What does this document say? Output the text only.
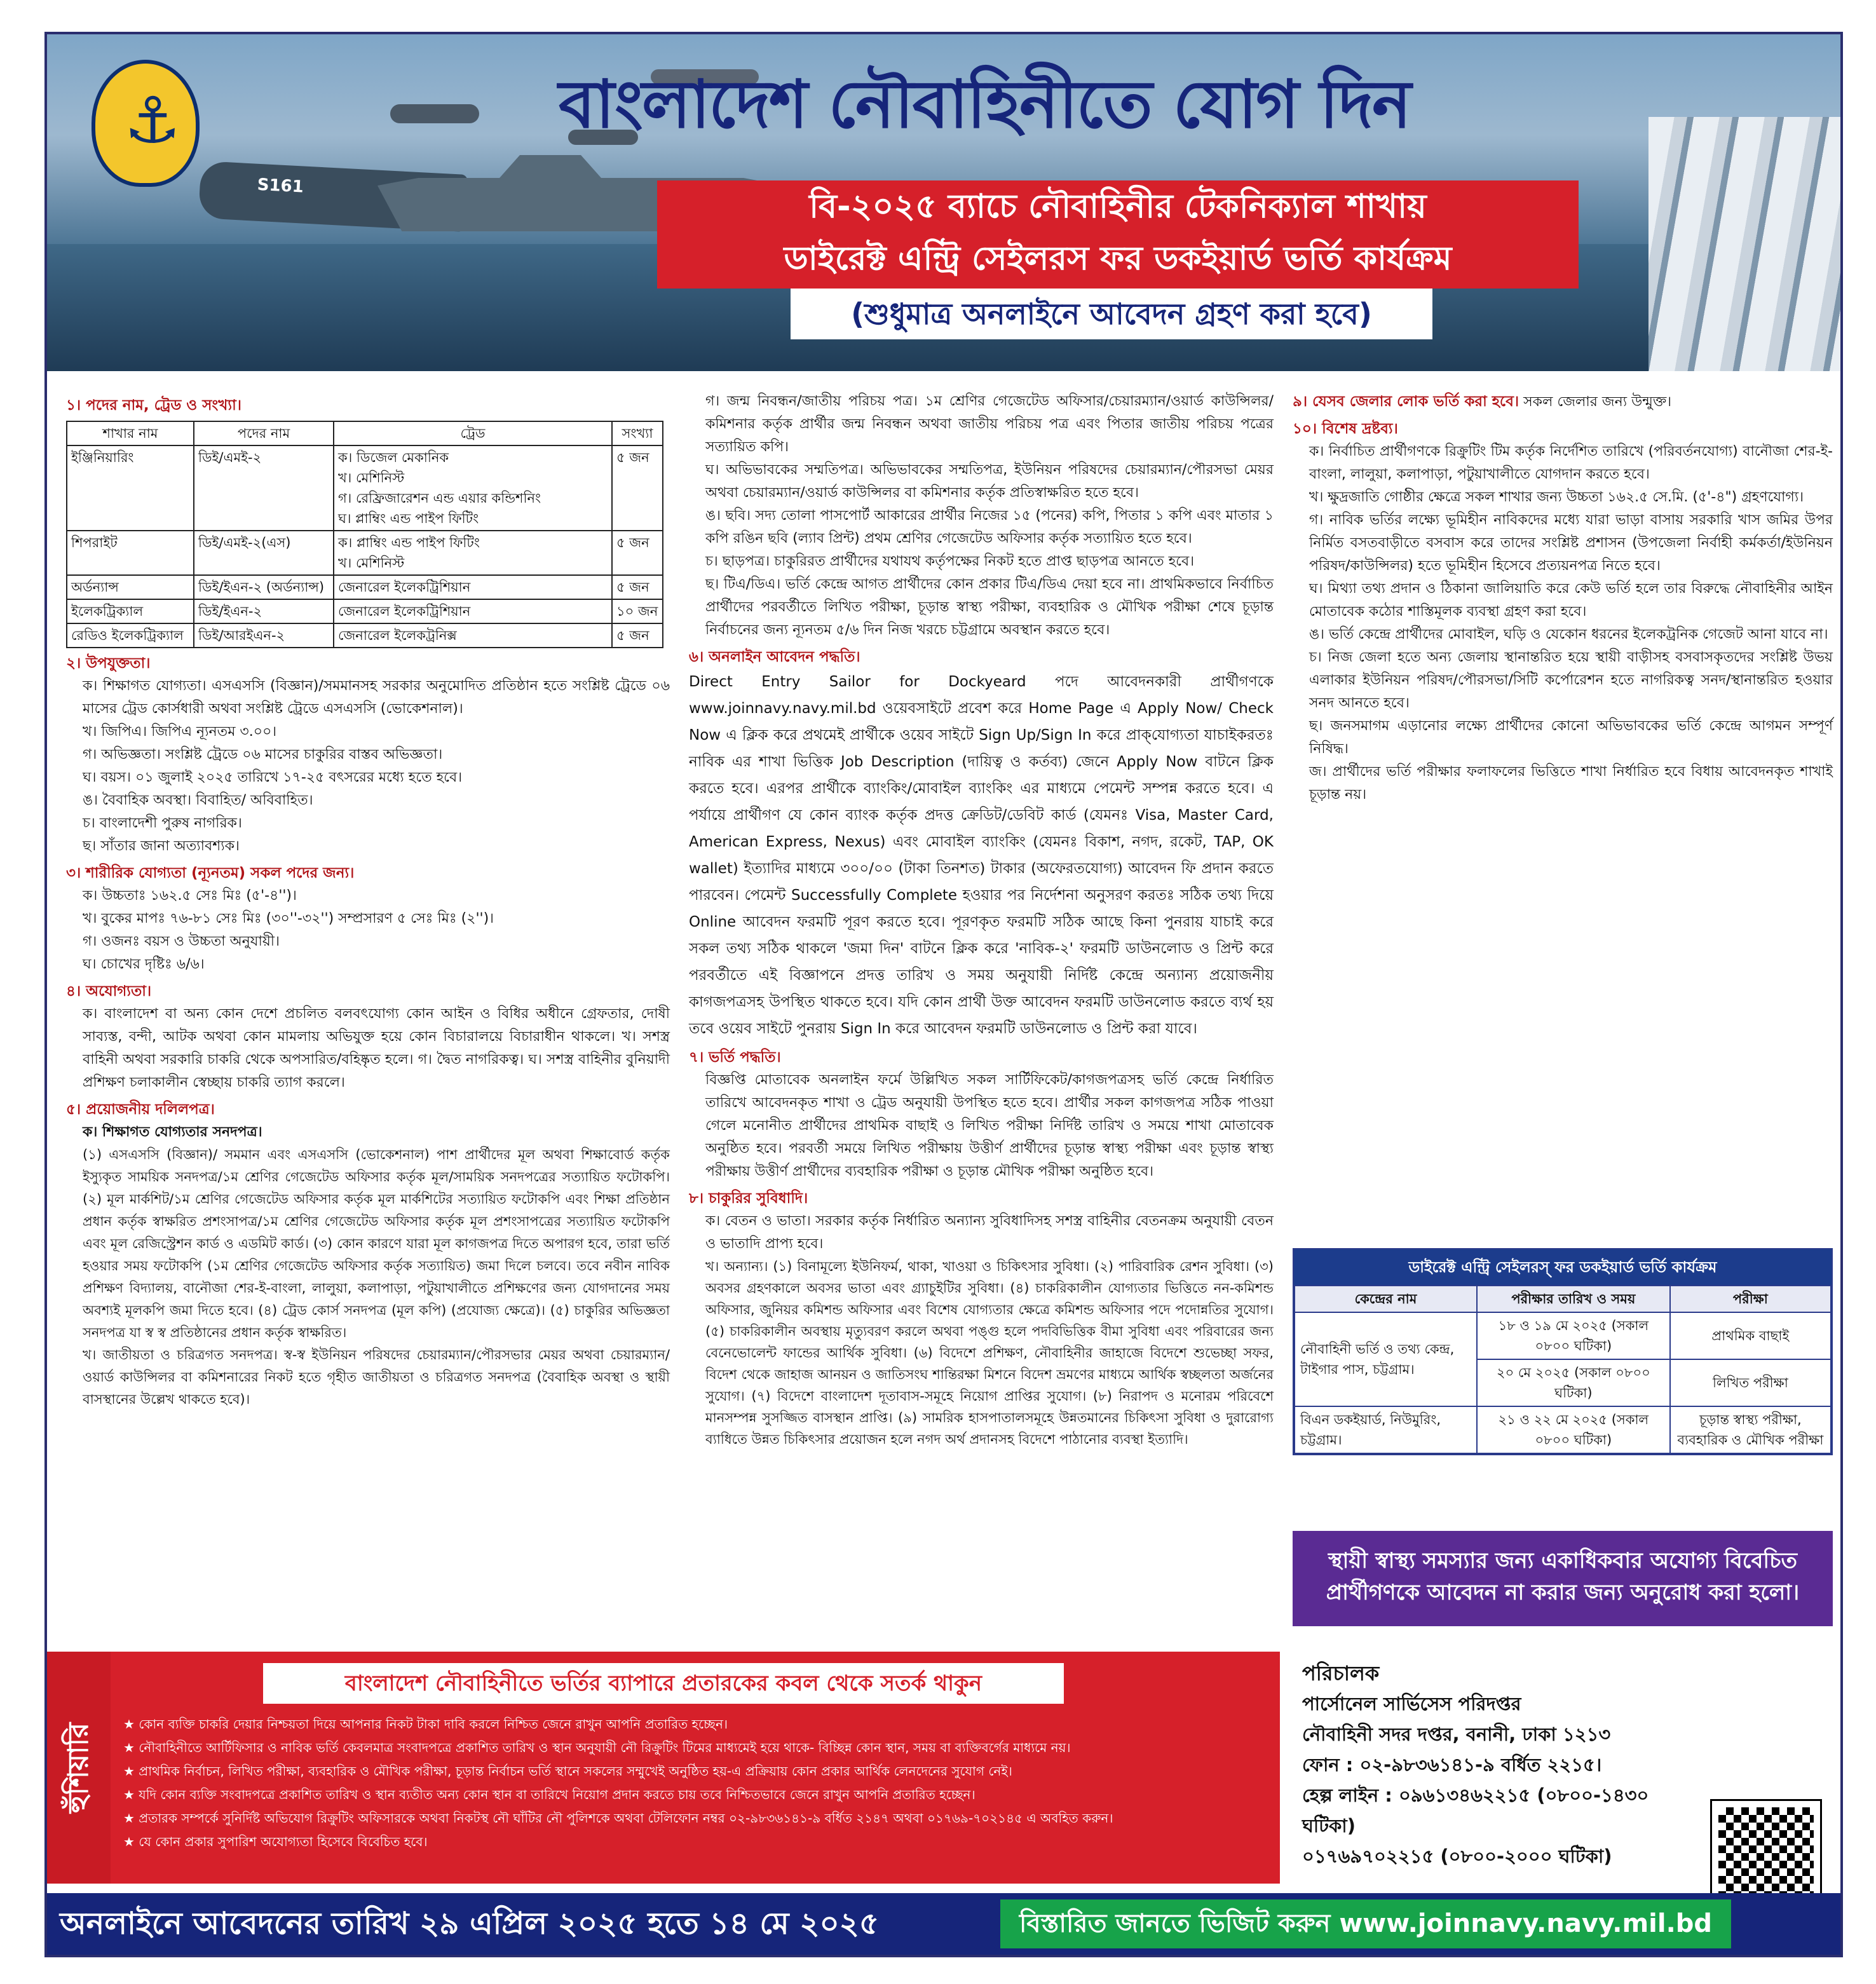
⚓
S161
বাংলাদেশ নৌবাহিনীতে যোগ দিন
বি-২০২৫ ব্যাচে নৌবাহিনীর টেকনিক্যাল শাখায়
ডাইরেক্ট এন্ট্রি সেইলরস ফর ডকইয়ার্ড ভর্তি কার্যক্রম
(শুধুমাত্র অনলাইনে আবেদন গ্রহণ করা হবে)
১। পদের নাম, ট্রেড ও সংখ্যা।
শাখার নাম	পদের নাম	ট্রেড	সংখ্যা
ইঞ্জিনিয়ারিং	ডিই/এমই-২	ক। ডিজেল মেকানিক
খ। মেশিনিস্ট
গ। রেফ্রিজারেশন এন্ড এয়ার কন্ডিশনিং
ঘ। প্লাম্বিং এন্ড পাইপ ফিটিং	৫ জন
শিপরাইট	ডিই/এমই-২(এস)	ক। প্লাম্বিং এন্ড পাইপ ফিটিং
খ। মেশিনিস্ট	৫ জন
অর্ডন্যান্স	ডিই/ইএন-২ (অর্ডন্যান্স)	জেনারেল ইলেকট্রিশিয়ান	৫ জন
ইলেকট্রিক্যাল	ডিই/ইএন-২	জেনারেল ইলেকট্রিশিয়ান	১০ জন
রেডিও ইলেকট্রিক্যাল	ডিই/আরইএন-২	জেনারেল ইলেকট্রনিক্স	৫ জন
২। উপযুক্ততা।
ক। শিক্ষাগত যোগ্যতা। এসএসসি (বিজ্ঞান)/সমমানসহ সরকার অনুমোদিত প্রতিষ্ঠান হতে সংশ্লিষ্ট ট্রেডে ০৬ মাসের ট্রেড কোর্সধারী অথবা সংশ্লিষ্ট ট্রেডে এসএসসি (ভোকেশনাল)।
খ। জিপিএ। জিপিএ ন্যূনতম ৩.০০।
গ। অভিজ্ঞতা। সংশ্লিষ্ট ট্রেডে ০৬ মাসের চাকুরির বাস্তব অভিজ্ঞতা।
ঘ। বয়স। ০১ জুলাই ২০২৫ তারিখে ১৭-২৫ বৎসরের মধ্যে হতে হবে।
ঙ। বৈবাহিক অবস্থা। বিবাহিত/ অবিবাহিত।
চ। বাংলাদেশী পুরুষ নাগরিক।
ছ। সাঁতার জানা অত্যাবশ্যক।
৩। শারীরিক যোগ্যতা (ন্যূনতম) সকল পদের জন্য।
ক। উচ্চতাঃ ১৬২.৫ সেঃ মিঃ (৫'-৪'')।
খ। বুকের মাপঃ ৭৬-৮১ সেঃ মিঃ (৩০''-৩২'') সম্প্রসারণ ৫ সেঃ মিঃ (২'')।
গ। ওজনঃ বয়স ও উচ্চতা অনুযায়ী।
ঘ। চোখের দৃষ্টিঃ ৬/৬।
৪। অযোগ্যতা।
ক। বাংলাদেশ বা অন্য কোন দেশে প্রচলিত বলবৎযোগ্য কোন আইন ও বিধির অধীনে গ্রেফতার, দোষী সাব্যস্ত, বন্দী, আটক অথবা কোন মামলায় অভিযুক্ত হয়ে কোন বিচারালয়ে বিচারাধীন থাকলে। খ। সশস্ত্র বাহিনী অথবা সরকারি চাকরি থেকে অপসারিত/বহিষ্কৃত হলে। গ। দ্বৈত নাগরিকত্ব। ঘ। সশস্ত্র বাহিনীর বুনিয়াদী প্রশিক্ষণ চলাকালীন স্বেচ্ছায় চাকরি ত্যাগ করলে।
৫। প্রয়োজনীয় দলিলপত্র।
ক। শিক্ষাগত যোগ্যতার সনদপত্র।
(১) এসএসসি (বিজ্ঞান)/ সমমান এবং এসএসসি (ভোকেশনাল) পাশ প্রার্থীদের মূল অথবা শিক্ষাবোর্ড কর্তৃক ইস্যুকৃত সাময়িক সনদপত্র/১ম শ্রেণির গেজেটেড অফিসার কর্তৃক মূল/সাময়িক সনদপত্রের সত্যায়িত ফটোকপি। (২) মূল মার্কশিট/১ম শ্রেণির গেজেটেড অফিসার কর্তৃক মূল মার্কশিটের সত্যায়িত ফটোকপি এবং শিক্ষা প্রতিষ্ঠান প্রধান কর্তৃক স্বাক্ষরিত প্রশংসাপত্র/১ম শ্রেণির গেজেটেড অফিসার কর্তৃক মূল প্রশংসাপত্রের সত্যায়িত ফটোকপি এবং মূল রেজিস্ট্রেশন কার্ড ও এডমিট কার্ড। (৩) কোন কারণে যারা মূল কাগজপত্র দিতে অপারগ হবে, তারা ভর্তি হওয়ার সময় ফটোকপি (১ম শ্রেণির গেজেটেড অফিসার কর্তৃক সত্যায়িত) জমা দিলে চলবে। তবে নবীন নাবিক প্রশিক্ষণ বিদ্যালয়, বানৌজা শের-ই-বাংলা, লালুয়া, কলাপাড়া, পটুয়াখালীতে প্রশিক্ষণের জন্য যোগদানের সময় অবশ্যই মূলকপি জমা দিতে হবে। (৪) ট্রেড কোর্স সনদপত্র (মূল কপি) (প্রযোজ্য ক্ষেত্রে)। (৫) চাকুরির অভিজ্ঞতা সনদপত্র যা স্ব স্ব প্রতিষ্ঠানের প্রধান কর্তৃক স্বাক্ষরিত।
খ। জাতীয়তা ও চরিত্রগত সনদপত্র। স্ব-স্ব ইউনিয়ন পরিষদের চেয়ারম্যান/পৌরসভার মেয়র অথবা চেয়ারম্যান/ওয়ার্ড কাউন্সিলর বা কমিশনারের নিকট হতে গৃহীত জাতীয়তা ও চরিত্রগত সনদপত্র (বৈবাহিক অবস্থা ও স্থায়ী বাসস্থানের উল্লেখ থাকতে হবে)।
গ। জন্ম নিবন্ধন/জাতীয় পরিচয় পত্র। ১ম শ্রেণির গেজেটেড অফিসার/চেয়ারম্যান/ওয়ার্ড কাউন্সিলর/কমিশনার কর্তৃক প্রার্থীর জন্ম নিবন্ধন অথবা জাতীয় পরিচয় পত্র এবং পিতার জাতীয় পরিচয় পত্রের সত্যায়িত কপি।
ঘ। অভিভাবকের সম্মতিপত্র। অভিভাবকের সম্মতিপত্র, ইউনিয়ন পরিষদের চেয়ারম্যান/পৌরসভা মেয়র অথবা চেয়ারম্যান/ওয়ার্ড কাউন্সিলর বা কমিশনার কর্তৃক প্রতিস্বাক্ষরিত হতে হবে।
ঙ। ছবি। সদ্য তোলা পাসপোর্ট আকারের প্রার্থীর নিজের ১৫ (পনের) কপি, পিতার ১ কপি এবং মাতার ১ কপি রঙিন ছবি (ল্যাব প্রিন্ট) প্রথম শ্রেণির গেজেটেড অফিসার কর্তৃক সত্যায়িত হতে হবে।
চ। ছাড়পত্র। চাকুরিরত প্রার্থীদের যথাযথ কর্তৃপক্ষের নিকট হতে প্রাপ্ত ছাড়পত্র আনতে হবে।
ছ। টিএ/ডিএ। ভর্তি কেন্দ্রে আগত প্রার্থীদের কোন প্রকার টিএ/ডিএ দেয়া হবে না। প্রাথমিকভাবে নির্বাচিত প্রার্থীদের পরবর্তীতে লিখিত পরীক্ষা, চূড়ান্ত স্বাস্থ্য পরীক্ষা, ব্যবহারিক ও মৌখিক পরীক্ষা শেষে চূড়ান্ত নির্বাচনের জন্য ন্যূনতম ৫/৬ দিন নিজ খরচে চট্টগ্রামে অবস্থান করতে হবে।
৬। অনলাইন আবেদন পদ্ধতি।
Direct Entry Sailor for Dockyeard পদে আবেদনকারী প্রার্থীগণকে www.joinnavy.navy.mil.bd ওয়েবসাইটে প্রবেশ করে Home Page এ Apply Now/ Check Now এ ক্লিক করে প্রথমেই প্রার্থীকে ওয়েব সাইটে Sign Up/Sign In করে প্রাক্‌যোগ্যতা যাচাইকরতঃ নাবিক এর শাখা ভিত্তিক Job Description (দায়িত্ব ও কর্তব্য) জেনে Apply Now বাটনে ক্লিক করতে হবে। এরপর প্রার্থীকে ব্যাংকিং/মোবাইল ব্যাংকিং এর মাধ্যমে পেমেন্ট সম্পন্ন করতে হবে। এ পর্যায়ে প্রার্থীগণ যে কোন ব্যাংক কর্তৃক প্রদত্ত ক্রেডিট/ডেবিট কার্ড (যেমনঃ Visa, Master Card, American Express, Nexus) এবং মোবাইল ব্যাংকিং (যেমনঃ বিকাশ, নগদ, রকেট, TAP, OK wallet) ইত্যাদির মাধ্যমে ৩০০/০০ (টাকা তিনশত) টাকার (অফেরতযোগ্য) আবেদন ফি প্রদান করতে পারবেন। পেমেন্ট Successfully Complete হওয়ার পর নির্দেশনা অনুসরণ করতঃ সঠিক তথ্য দিয়ে Online আবেদন ফরমটি পূরণ করতে হবে। পূরণকৃত ফরমটি সঠিক আছে কিনা পুনরায় যাচাই করে সকল তথ্য সঠিক থাকলে 'জমা দিন' বাটনে ক্লিক করে 'নাবিক-২' ফরমটি ডাউনলোড ও প্রিন্ট করে পরবর্তীতে এই বিজ্ঞাপনে প্রদত্ত তারিখ ও সময় অনুযায়ী নির্দিষ্ট কেন্দ্রে অন্যান্য প্রয়োজনীয় কাগজপত্রসহ উপস্থিত থাকতে হবে। যদি কোন প্রার্থী উক্ত আবেদন ফরমটি ডাউনলোড করতে ব্যর্থ হয় তবে ওয়েব সাইটে পুনরায় Sign In করে আবেদন ফরমটি ডাউনলোড ও প্রিন্ট করা যাবে।
৭। ভর্তি পদ্ধতি।
বিজ্ঞপ্তি মোতাবেক অনলাইন ফর্মে উল্লিখিত সকল সার্টিফিকেট/কাগজপত্রসহ ভর্তি কেন্দ্রে নির্ধারিত তারিখে আবেদনকৃত শাখা ও ট্রেড অনুযায়ী উপস্থিত হতে হবে। প্রার্থীর সকল কাগজপত্র সঠিক পাওয়া গেলে মনোনীত প্রার্থীদের প্রাথমিক বাছাই ও লিখিত পরীক্ষা নির্দিষ্ট তারিখ ও সময়ে শাখা মোতাবেক অনুষ্ঠিত হবে। পরবর্তী সময়ে লিখিত পরীক্ষায় উত্তীর্ণ প্রার্থীদের চূড়ান্ত স্বাস্থ্য পরীক্ষা এবং চূড়ান্ত স্বাস্থ্য পরীক্ষায় উত্তীর্ণ প্রার্থীদের ব্যবহারিক পরীক্ষা ও চূড়ান্ত মৌখিক পরীক্ষা অনুষ্ঠিত হবে।
৮। চাকুরির সুবিধাদি।
ক। বেতন ও ভাতা। সরকার কর্তৃক নির্ধারিত অন্যান্য সুবিধাদিসহ সশস্ত্র বাহিনীর বেতনক্রম অনুযায়ী বেতন ও ভাতাদি প্রাপ্য হবে।
খ। অন্যান্য। (১) বিনামূল্যে ইউনিফর্ম, থাকা, খাওয়া ও চিকিৎসার সুবিধা। (২) পারিবারিক রেশন সুবিধা। (৩) অবসর গ্রহণকালে অবসর ভাতা এবং গ্র্যাচুইটির সুবিধা। (৪) চাকরিকালীন যোগ্যতার ভিত্তিতে নন-কমিশন্ড অফিসার, জুনিয়র কমিশন্ড অফিসার এবং বিশেষ যোগ্যতার ক্ষেত্রে কমিশন্ড অফিসার পদে পদোন্নতির সুযোগ। (৫) চাকরিকালীন অবস্থায় মৃত্যুবরণ করলে অথবা পঙ্গু হলে পদবিভিত্তিক বীমা সুবিধা এবং পরিবারের জন্য বেনেভোলেন্ট ফান্ডের আর্থিক সুবিধা। (৬) বিদেশে প্রশিক্ষণ, নৌবাহিনীর জাহাজে বিদেশে শুভেচ্ছা সফর, বিদেশ থেকে জাহাজ আনয়ন ও জাতিসংঘ শান্তিরক্ষা মিশনে বিদেশ ভ্রমণের মাধ্যমে আর্থিক স্বচ্ছলতা অর্জনের সুযোগ। (৭) বিদেশে বাংলাদেশ দূতাবাস-সমূহে নিয়োগ প্রাপ্তির সুযোগ। (৮) নিরাপদ ও মনোরম পরিবেশে মানসম্পন্ন সুসজ্জিত বাসস্থান প্রাপ্তি। (৯) সামরিক হাসপাতালসমূহে উন্নতমানের চিকিৎসা সুবিধা ও দুরারোগ্য ব্যাধিতে উন্নত চিকিৎসার প্রয়োজন হলে নগদ অর্থ প্রদানসহ বিদেশে পাঠানোর ব্যবস্থা ইত্যাদি।
৯। যেসব জেলার লোক ভর্তি করা হবে। সকল জেলার জন্য উন্মুক্ত।
১০। বিশেষ দ্রষ্টব্য।
ক। নির্বাচিত প্রার্থীগণকে রিক্রুটিং টিম কর্তৃক নির্দেশিত তারিখে (পরিবর্তনযোগ্য) বানৌজা শের-ই-বাংলা, লালুয়া, কলাপাড়া, পটুয়াখালীতে যোগদান করতে হবে।
খ। ক্ষুদ্রজাতি গোষ্ঠীর ক্ষেত্রে সকল শাখার জন্য উচ্চতা ১৬২.৫ সে.মি. (৫'-৪") গ্রহণযোগ্য।
গ। নাবিক ভর্তির লক্ষ্যে ভূমিহীন নাবিকদের মধ্যে যারা ভাড়া বাসায় সরকারি খাস জমির উপর নির্মিত বসতবাড়ীতে বসবাস করে তাদের সংশ্লিষ্ট প্রশাসন (উপজেলা নির্বাহী কর্মকর্তা/ইউনিয়ন পরিষদ/কাউন্সিলর) হতে ভূমিহীন হিসেবে প্রত্যয়নপত্র নিতে হবে।
ঘ। মিথ্যা তথ্য প্রদান ও ঠিকানা জালিয়াতি করে কেউ ভর্তি হলে তার বিরুদ্ধে নৌবাহিনীর আইন মোতাবেক কঠোর শাস্তিমূলক ব্যবস্থা গ্রহণ করা হবে।
ঙ। ভর্তি কেন্দ্রে প্রার্থীদের মোবাইল, ঘড়ি ও যেকোন ধরনের ইলেকট্রনিক গেজেট আনা যাবে না।
চ। নিজ জেলা হতে অন্য জেলায় স্থানান্তরিত হয়ে স্থায়ী বাড়ীসহ বসবাসকৃতদের সংশ্লিষ্ট উভয় এলাকার ইউনিয়ন পরিষদ/পৌরসভা/সিটি কর্পোরেশন হতে নাগরিকত্ব সনদ/স্থানান্তরিত হওয়ার সনদ আনতে হবে।
ছ। জনসমাগম এড়ানোর লক্ষ্যে প্রার্থীদের কোনো অভিভাবকের ভর্তি কেন্দ্রে আগমন সম্পূর্ণ নিষিদ্ধ।
জ। প্রার্থীদের ভর্তি পরীক্ষার ফলাফলের ভিত্তিতে শাখা নির্ধারিত হবে বিধায় আবেদনকৃত শাখাই চূড়ান্ত নয়।
ডাইরেক্ট এন্ট্রি সেইলরস্ ফর ডকইয়ার্ড ভর্তি কার্যক্রম
কেন্দ্রের নাম	পরীক্ষার তারিখ ও সময়	পরীক্ষা
নৌবাহিনী ভর্তি ও তথ্য কেন্দ্র, টাইগার পাস, চট্টগ্রাম।	১৮ ও ১৯ মে ২০২৫ (সকাল ০৮০০ ঘটিকা)	প্রাথমিক বাছাই
	২০ মে ২০২৫ (সকাল ০৮০০ ঘটিকা)	লিখিত পরীক্ষা
বিএন ডকইয়ার্ড, নিউমুরিং, চট্টগ্রাম।	২১ ও ২২ মে ২০২৫ (সকাল ০৮০০ ঘটিকা)	চূড়ান্ত স্বাস্থ্য পরীক্ষা, ব্যবহারিক ও মৌখিক পরীক্ষা
স্থায়ী স্বাস্থ্য সমস্যার জন্য একাধিকবার অযোগ্য বিবেচিত প্রার্থীগণকে আবেদন না করার জন্য অনুরোধ করা হলো।
হুঁশিয়ারি
বাংলাদেশ নৌবাহিনীতে ভর্তির ব্যাপারে প্রতারকের কবল থেকে সতর্ক থাকুন
★ কোন ব্যক্তি চাকরি দেয়ার নিশ্চয়তা দিয়ে আপনার নিকট টাকা দাবি করলে নিশ্চিত জেনে রাখুন আপনি প্রতারিত হচ্ছেন।
★ নৌবাহিনীতে আর্টিফিসার ও নাবিক ভর্তি কেবলমাত্র সংবাদপত্রে প্রকাশিত তারিখ ও স্থান অনুযায়ী নৌ রিক্রুটিং টিমের মাধ্যমেই হয়ে থাকে- বিচ্ছিন্ন কোন স্থান, সময় বা ব্যক্তিবর্গের মাধ্যমে নয়।
★ প্রাথমিক নির্বাচন, লিখিত পরীক্ষা, ব্যবহারিক ও মৌখিক পরীক্ষা, চূড়ান্ত নির্বাচন ভর্তি স্থানে সকলের সম্মুখেই অনুষ্ঠিত হয়-এ প্রক্রিয়ায় কোন প্রকার আর্থিক লেনদেনের সুযোগ নেই।
★ যদি কোন ব্যক্তি সংবাদপত্রে প্রকাশিত তারিখ ও স্থান ব্যতীত অন্য কোন স্থান বা তারিখে নিয়োগ প্রদান করতে চায় তবে নিশ্চিতভাবে জেনে রাখুন আপনি প্রতারিত হচ্ছেন।
★ প্রতারক সম্পর্কে সুনির্দিষ্ট অভিযোগ রিক্রুটিং অফিসারকে অথবা নিকটস্থ নৌ ঘাঁটির নৌ পুলিশকে অথবা টেলিফোন নম্বর ০২-৯৮৩৬১৪১-৯ বর্ধিত ২১৪৭ অথবা ০১৭৬৯-৭০২১৪৫ এ অবহিত করুন।
★ যে কোন প্রকার সুপারিশ অযোগ্যতা হিসেবে বিবেচিত হবে।
পরিচালক
পার্সোনেল সার্ভিসেস পরিদপ্তর
নৌবাহিনী সদর দপ্তর, বনানী, ঢাকা ১২১৩
ফোন : ০২-৯৮৩৬১৪১-৯ বর্ধিত ২২১৫।
হেল্প লাইন : ০৯৬১৩৪৬২২১৫ (০৮০০-১৪৩০ ঘটিকা)
০১৭৬৯৭০২২১৫ (০৮০০-২০০০ ঘটিকা)
অনলাইনে আবেদনের তারিখ ২৯ এপ্রিল ২০২৫ হতে ১৪ মে ২০২৫	বিস্তারিত জানতে ভিজিট করুন www.joinnavy.navy.mil.bd
